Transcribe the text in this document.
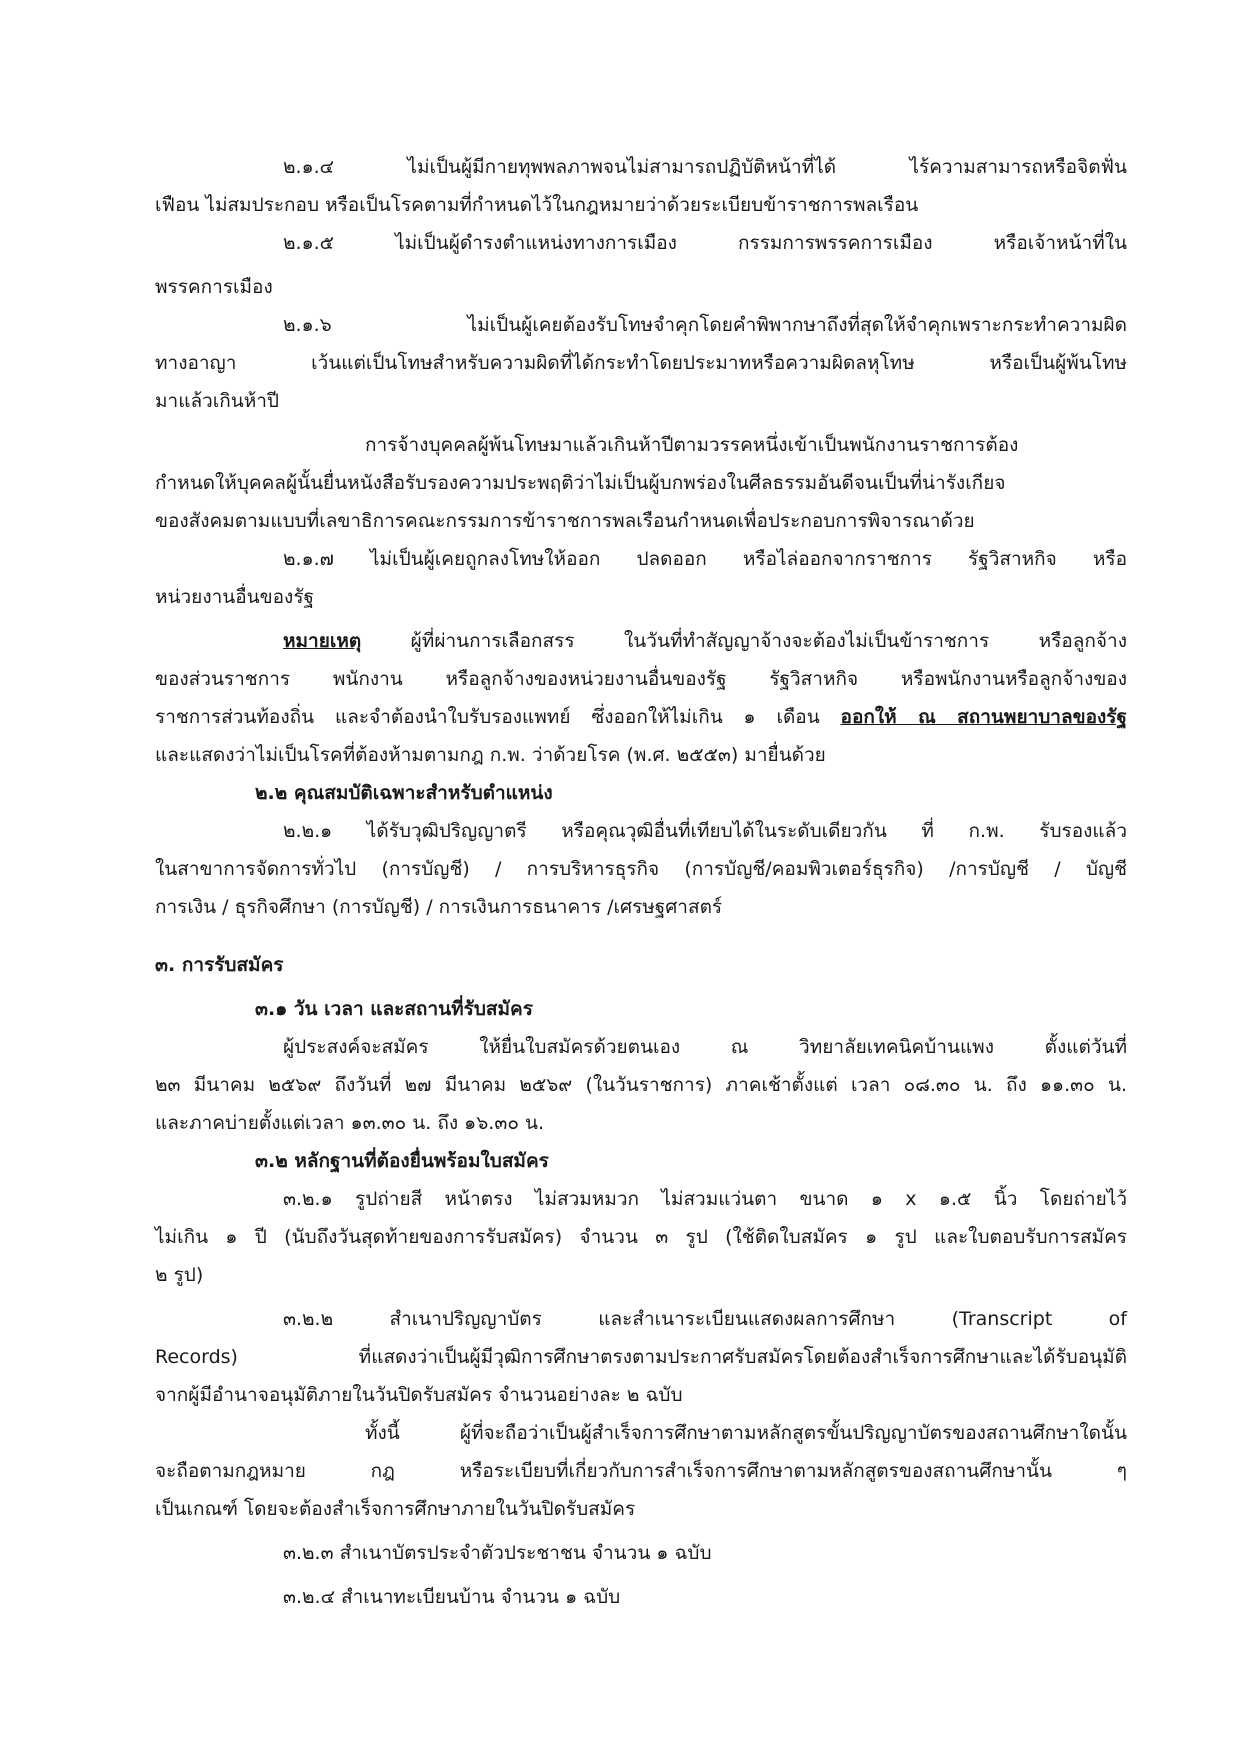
๒.๑.๔ ไม่เป็นผู้มีกายทุพพลภาพจนไม่สามารถปฏิบัติหน้าที่ได้ ไร้ความสามารถหรือจิตฟั่น
เฟือน ไม่สมประกอบ หรือเป็นโรคตามที่กำหนดไว้ในกฎหมายว่าด้วยระเบียบข้าราชการพลเรือน
๒.๑.๕ ไม่เป็นผู้ดำรงตำแหน่งทางการเมือง กรรมการพรรคการเมือง หรือเจ้าหน้าที่ใน
พรรคการเมือง
๒.๑.๖ ไม่เป็นผู้เคยต้องรับโทษจำคุกโดยคำพิพากษาถึงที่สุดให้จำคุกเพราะกระทำความผิด
ทางอาญา เว้นแต่เป็นโทษสำหรับความผิดที่ได้กระทำโดยประมาทหรือความผิดลหุโทษ หรือเป็นผู้พ้นโทษ
มาแล้วเกินห้าปี
การจ้างบุคคลผู้พ้นโทษมาแล้วเกินห้าปีตามวรรคหนึ่งเข้าเป็นพนักงานราชการต้อง
กำหนดให้บุคคลผู้นั้นยื่นหนังสือรับรองความประพฤติว่าไม่เป็นผู้บกพร่องในศีลธรรมอันดีจนเป็นที่น่ารังเกียจ
ของสังคมตามแบบที่เลขาธิการคณะกรรมการข้าราชการพลเรือนกำหนดเพื่อประกอบการพิจารณาด้วย
๒.๑.๗ ไม่เป็นผู้เคยถูกลงโทษให้ออก ปลดออก หรือไล่ออกจากราชการ รัฐวิสาหกิจ หรือ
หน่วยงานอื่นของรัฐ
หมายเหตุ ผู้ที่ผ่านการเลือกสรร ในวันที่ทำสัญญาจ้างจะต้องไม่เป็นข้าราชการ หรือลูกจ้าง
ของส่วนราชการ พนักงาน หรือลูกจ้างของหน่วยงานอื่นของรัฐ รัฐวิสาหกิจ หรือพนักงานหรือลูกจ้างของ
ราชการส่วนท้องถิ่น และจำต้องนำใบรับรองแพทย์ ซึ่งออกให้ไม่เกิน ๑ เดือน ออกให้ ณ สถานพยาบาลของรัฐ
และแสดงว่าไม่เป็นโรคที่ต้องห้ามตามกฎ ก.พ. ว่าด้วยโรค (พ.ศ. ๒๕๕๓) มายื่นด้วย
๒.๒ คุณสมบัติเฉพาะสำหรับตำแหน่ง
๒.๒.๑ ได้รับวุฒิปริญญาตรี หรือคุณวุฒิอื่นที่เทียบได้ในระดับเดียวกัน ที่ ก.พ. รับรองแล้ว
ในสาขาการจัดการทั่วไป (การบัญชี) / การบริหารธุรกิจ (การบัญชี/คอมพิวเตอร์ธุรกิจ) /การบัญชี / บัญชี
การเงิน / ธุรกิจศึกษา (การบัญชี) / การเงินการธนาคาร /เศรษฐศาสตร์
๓. การรับสมัคร
๓.๑ วัน เวลา และสถานที่รับสมัคร
ผู้ประสงค์จะสมัคร ให้ยื่นใบสมัครด้วยตนเอง ณ วิทยาลัยเทคนิคบ้านแพง ตั้งแต่วันที่
๒๓ มีนาคม ๒๕๖๙ ถึงวันที่ ๒๗ มีนาคม ๒๕๖๙ (ในวันราชการ) ภาคเช้าตั้งแต่ เวลา ๐๘.๓๐ น. ถึง ๑๑.๓๐ น.
และภาคบ่ายตั้งแต่เวลา ๑๓.๓๐ น. ถึง ๑๖.๓๐ น.
๓.๒ หลักฐานที่ต้องยื่นพร้อมใบสมัคร
๓.๒.๑ รูปถ่ายสี หน้าตรง ไม่สวมหมวก ไม่สวมแว่นตา ขนาด ๑ x ๑.๕ นิ้ว โดยถ่ายไว้
ไม่เกิน ๑ ปี (นับถึงวันสุดท้ายของการรับสมัคร) จำนวน ๓ รูป (ใช้ติดใบสมัคร ๑ รูป และใบตอบรับการสมัคร
๒ รูป)
๓.๒.๒ สำเนาปริญญาบัตร และสำเนาระเบียนแสดงผลการศึกษา (Transcript of
Records) ที่แสดงว่าเป็นผู้มีวุฒิการศึกษาตรงตามประกาศรับสมัครโดยต้องสำเร็จการศึกษาและได้รับอนุมัติ
จากผู้มีอำนาจอนุมัติภายในวันปิดรับสมัคร จำนวนอย่างละ ๒ ฉบับ
ทั้งนี้ ผู้ที่จะถือว่าเป็นผู้สำเร็จการศึกษาตามหลักสูตรขั้นปริญญาบัตรของสถานศึกษาใดนั้น
จะถือตามกฎหมาย กฎ หรือระเบียบที่เกี่ยวกับการสำเร็จการศึกษาตามหลักสูตรของสถานศึกษานั้น ๆ
เป็นเกณฑ์ โดยจะต้องสำเร็จการศึกษาภายในวันปิดรับสมัคร
๓.๒.๓ สำเนาบัตรประจำตัวประชาชน จำนวน ๑ ฉบับ
๓.๒.๔ สำเนาทะเบียนบ้าน จำนวน ๑ ฉบับ
